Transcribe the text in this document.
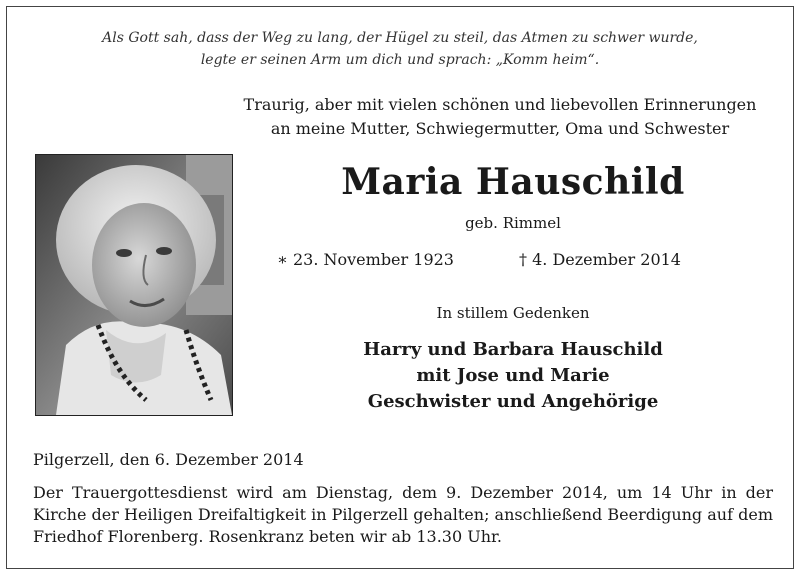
Als Gott sah, dass der Weg zu lang, der Hügel zu steil, das Atmen zu schwer wurde,
legte er seinen Arm um dich und sprach: „Komm heim“.
Traurig, aber mit vielen schönen und liebevollen Erinnerungen
an meine Mutter, Schwiegermutter, Oma und Schwester
Maria Hauschild
geb. Rimmel
∗ 23. November 1923	† 4. Dezember 2014
In stillem Gedenken
Harry und Barbara Hauschild
mit Jose und Marie
Geschwister und Angehörige
Pilgerzell, den 6. Dezember 2014
Der Trauergottesdienst wird am Dienstag, dem 9. Dezember 2014, um 14 Uhr in der Kirche der Heiligen Dreifaltigkeit in Pilgerzell gehalten; anschließend Beerdigung auf dem Friedhof Florenberg. Rosenkranz beten wir ab 13.30 Uhr.
